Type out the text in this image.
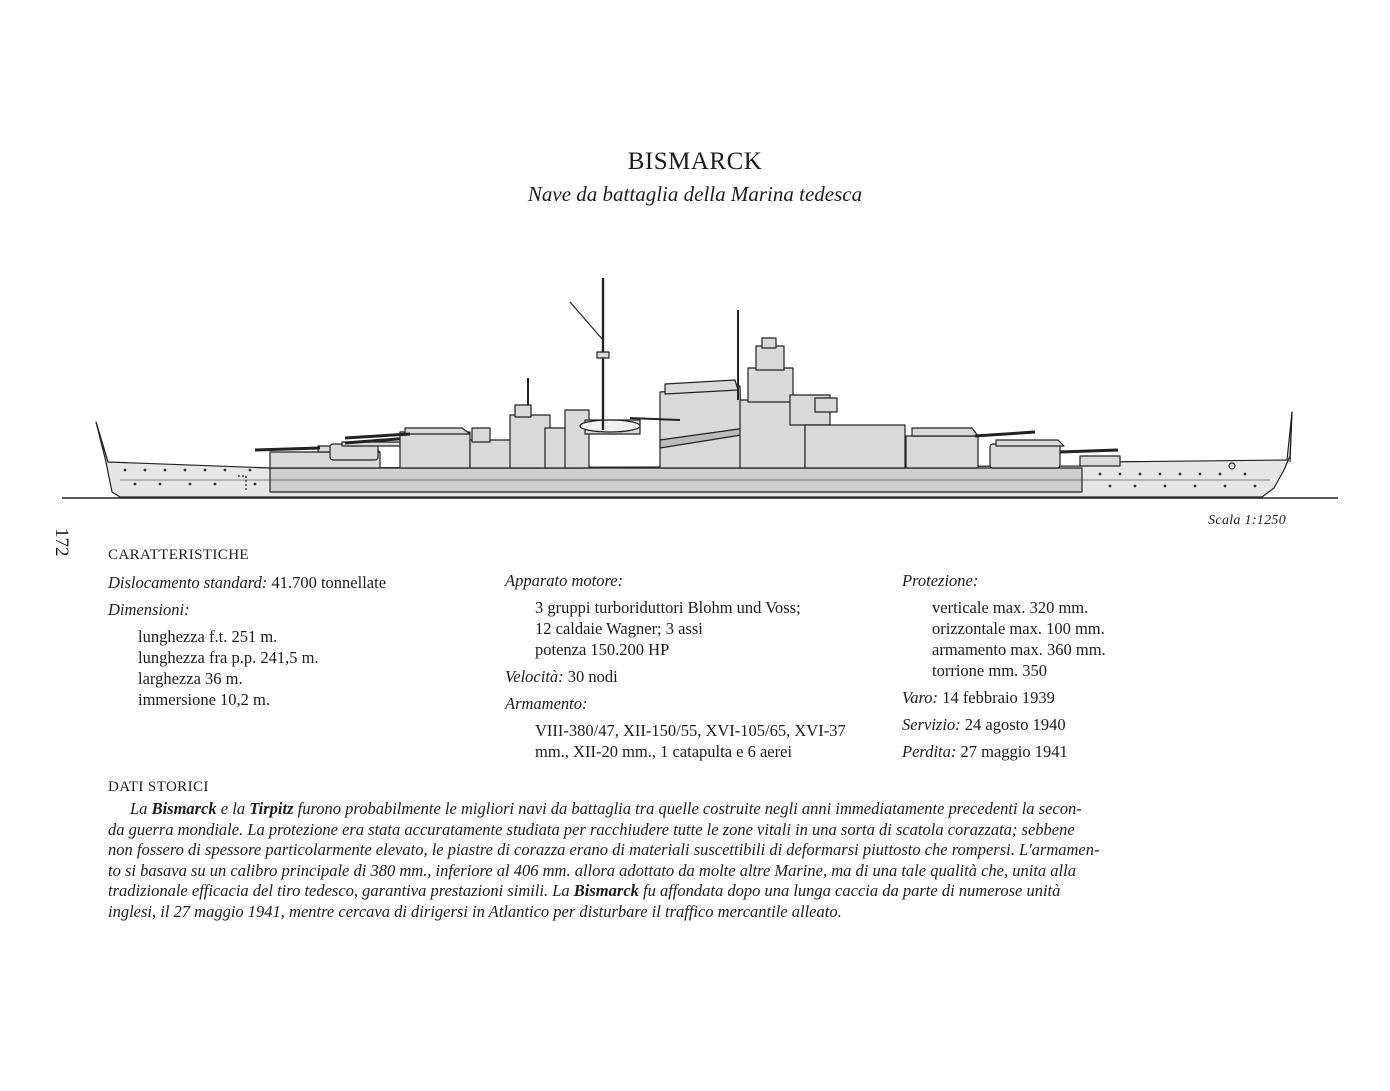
BISMARCK
Nave da battaglia della Marina tedesca
172
Scala 1:1250
CARATTERISTICHE
Dislocamento standard: 41.700 tonnellate
Dimensioni:
lunghezza f.t. 251 m.
lunghezza fra p.p. 241,5 m.
larghezza 36 m.
immersione 10,2 m.
Apparato motore:
3 gruppi turboriduttori Blohm und Voss;
12 caldaie Wagner; 3 assi
potenza 150.200 HP
Velocità: 30 nodi
Armamento:
VIII-380/47, XII-150/55, XVI-105/65, XVI-37
mm., XII-20 mm., 1 catapulta e 6 aerei
Protezione:
verticale max. 320 mm.
orizzontale max. 100 mm.
armamento max. 360 mm.
torrione mm. 350
Varo: 14 febbraio 1939
Servizio: 24 agosto 1940
Perdita: 27 maggio 1941
DATI STORICI
La Bismarck e la Tirpitz furono probabilmente le migliori navi da battaglia tra quelle costruite negli anni immediatamente precedenti la secon-
da guerra mondiale. La protezione era stata accuratamente studiata per racchiudere tutte le zone vitali in una sorta di scatola corazzata; sebbene
non fossero di spessore particolarmente elevato, le piastre di corazza erano di materiali suscettibili di deformarsi piuttosto che rompersi. L'armamen-
to si basava su un calibro principale di 380 mm., inferiore al 406 mm. allora adottato da molte altre Marine, ma di una tale qualità che, unita alla
tradizionale efficacia del tiro tedesco, garantiva prestazioni simili. La Bismarck fu affondata dopo una lunga caccia da parte di numerose unità
inglesi, il 27 maggio 1941, mentre cercava di dirigersi in Atlantico per disturbare il traffico mercantile alleato.
